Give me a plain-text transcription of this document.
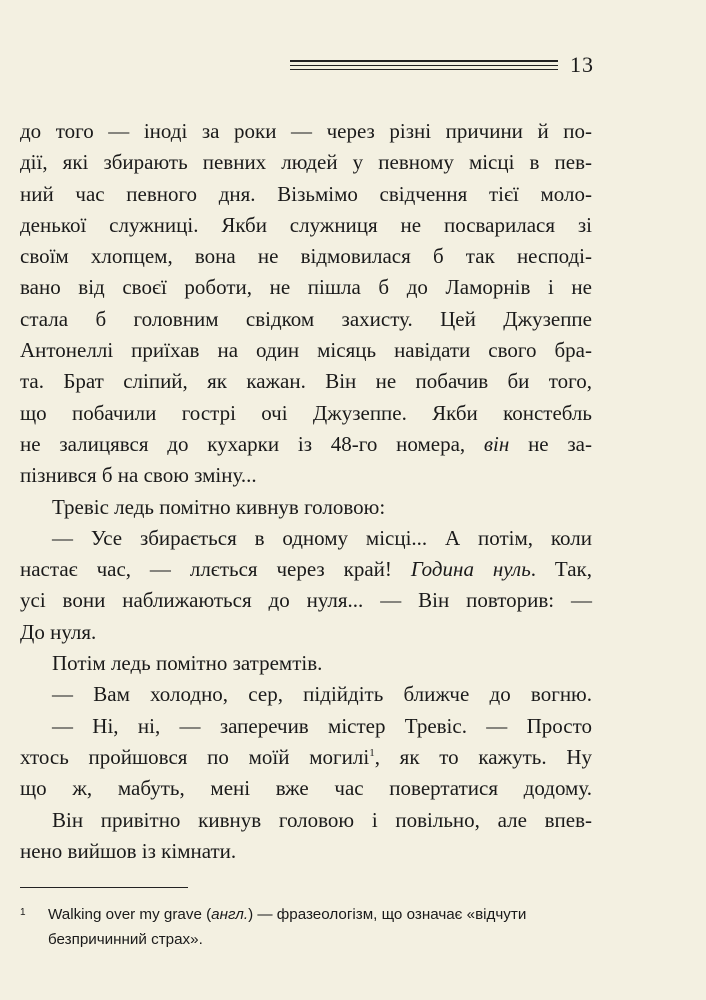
13
до того — іноді за роки — через різні причини й по-
дії, які збирають певних людей у певному місці в пев-
ний час певного дня. Візьмімо свідчення тієї моло-
денької служниці. Якби служниця не посварилася зі
своїм хлопцем, вона не відмовилася б так несподі-
вано від своєї роботи, не пішла б до Ламорнів і не
стала б головним свідком захисту. Цей Джузеппе
Антонеллі приїхав на один місяць навідати свого бра-
та. Брат сліпий, як кажан. Він не побачив би того,
що побачили гострі очі Джузеппе. Якби констебль
не залицявся до кухарки із 48-го номера, він не за-
пізнився б на свою зміну...
Тревіс ледь помітно кивнув головою:
— Усе збирається в одному місці... А потім, коли
настає час, — ллється через край! Година нуль. Так,
усі вони наближаються до нуля... — Він повторив: —
До нуля.
Потім ледь помітно затремтів.
— Вам холодно, сер, підійдіть ближче до вогню.
— Ні, ні, — заперечив містер Тревіс. — Просто
хтось пройшовся по моїй могилі$^1$, як то кажуть. Ну
що ж, мабуть, мені вже час повертатися додому.
Він привітно кивнув головою і повільно, але впев-
нено вийшов із кімнати.
1 Walking over my grave (англ.) — фразеологізм, що означає «відчути
безпричинний страх».
